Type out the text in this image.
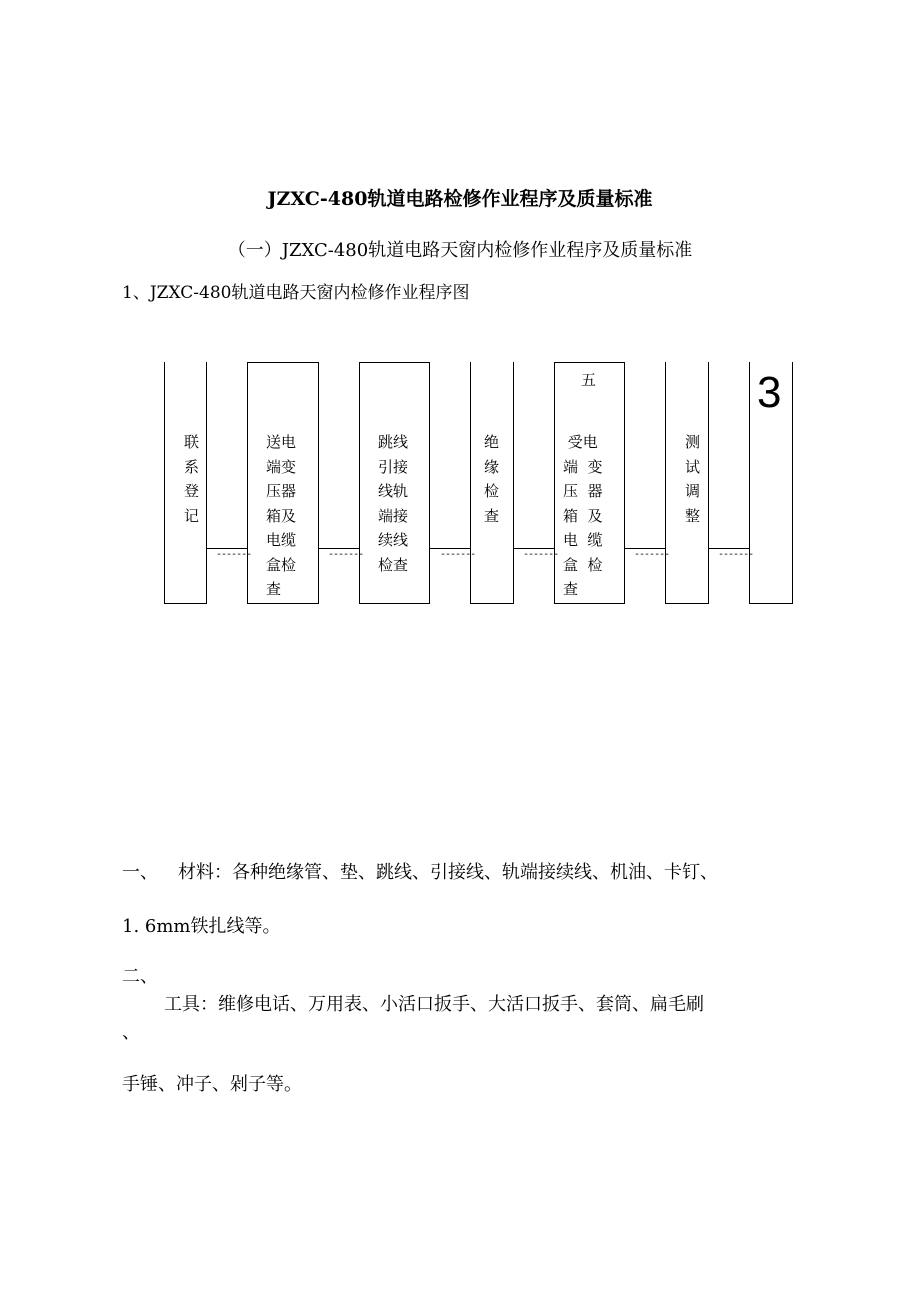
JZXC-480轨道电路检修作业程序及质量标准
（一）JZXC-480轨道电路天窗内检修作业程序及质量标准
1、JZXC-480轨道电路天窗内检修作业程序图
联
系
登
记
送电
端变
压器
箱及
电缆
盒检
查
跳线
引接
线轨
端接
续线
检查
绝
缘
检
查
五
受电
端  变
压  器
箱  及
电  缆
盒  检
查
测
试
调
整
3
-------	-------	-------	-------	-------	-------
一、 材料：各种绝缘管、垫、跳线、引接线、轨端接续线、机油、卡钉、
1. 6mm铁扎线等。
二、
工具：维修电话、万用表、小活口扳手、大活口扳手、套筒、扁毛刷
、
手锤、冲子、剁子等。
